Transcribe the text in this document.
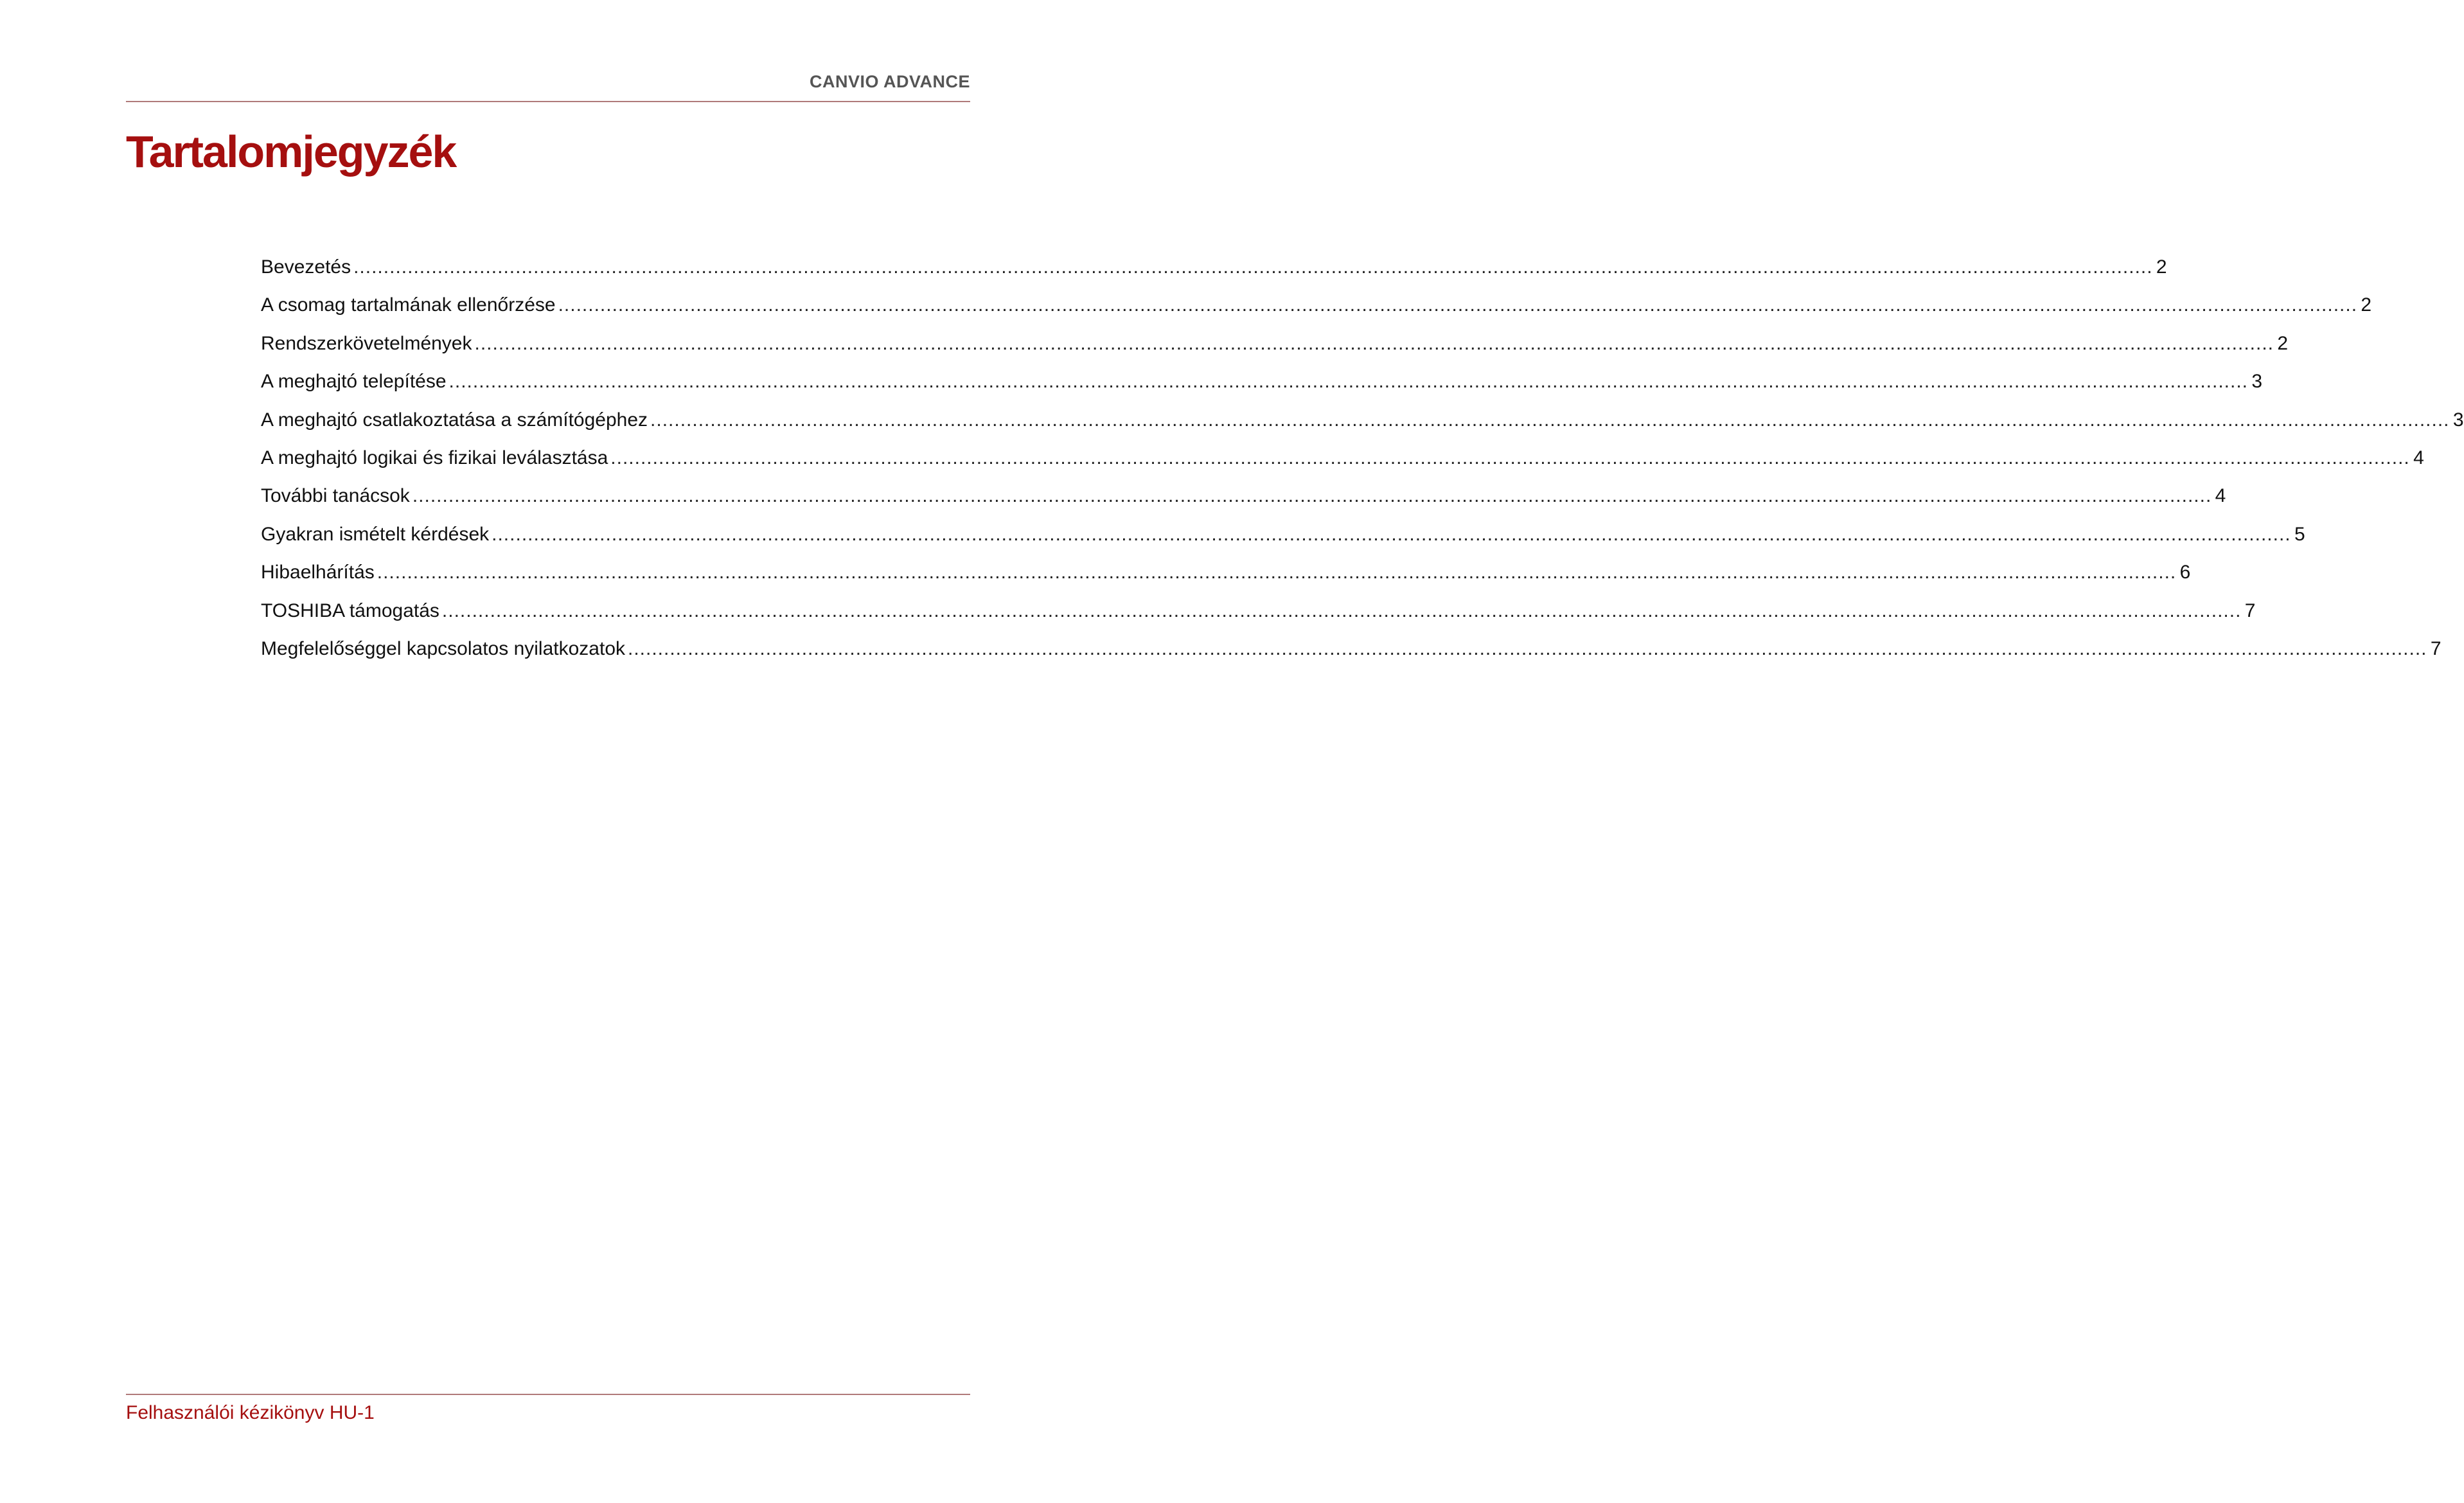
CANVIO ADVANCE
Tartalomjegyzék
Bevezetés ............................................................................................................................................................................................................................................................................................................ 2
A csomag tartalmának ellenőrzése ............................................................................................................................................................................................................................................................................................................ 2
Rendszerkövetelmények ............................................................................................................................................................................................................................................................................................................ 2
A meghajtó telepítése ............................................................................................................................................................................................................................................................................................................ 3
A meghajtó csatlakoztatása a számítógéphez ............................................................................................................................................................................................................................................................................................................ 3
A meghajtó logikai és fizikai leválasztása ............................................................................................................................................................................................................................................................................................................ 4
További tanácsok ............................................................................................................................................................................................................................................................................................................ 4
Gyakran ismételt kérdések ............................................................................................................................................................................................................................................................................................................ 5
Hibaelhárítás ............................................................................................................................................................................................................................................................................................................ 6
TOSHIBA támogatás ............................................................................................................................................................................................................................................................................................................ 7
Megfelelőséggel kapcsolatos nyilatkozatok ............................................................................................................................................................................................................................................................................................................ 7
Felhasználói kézikönyv HU-1
